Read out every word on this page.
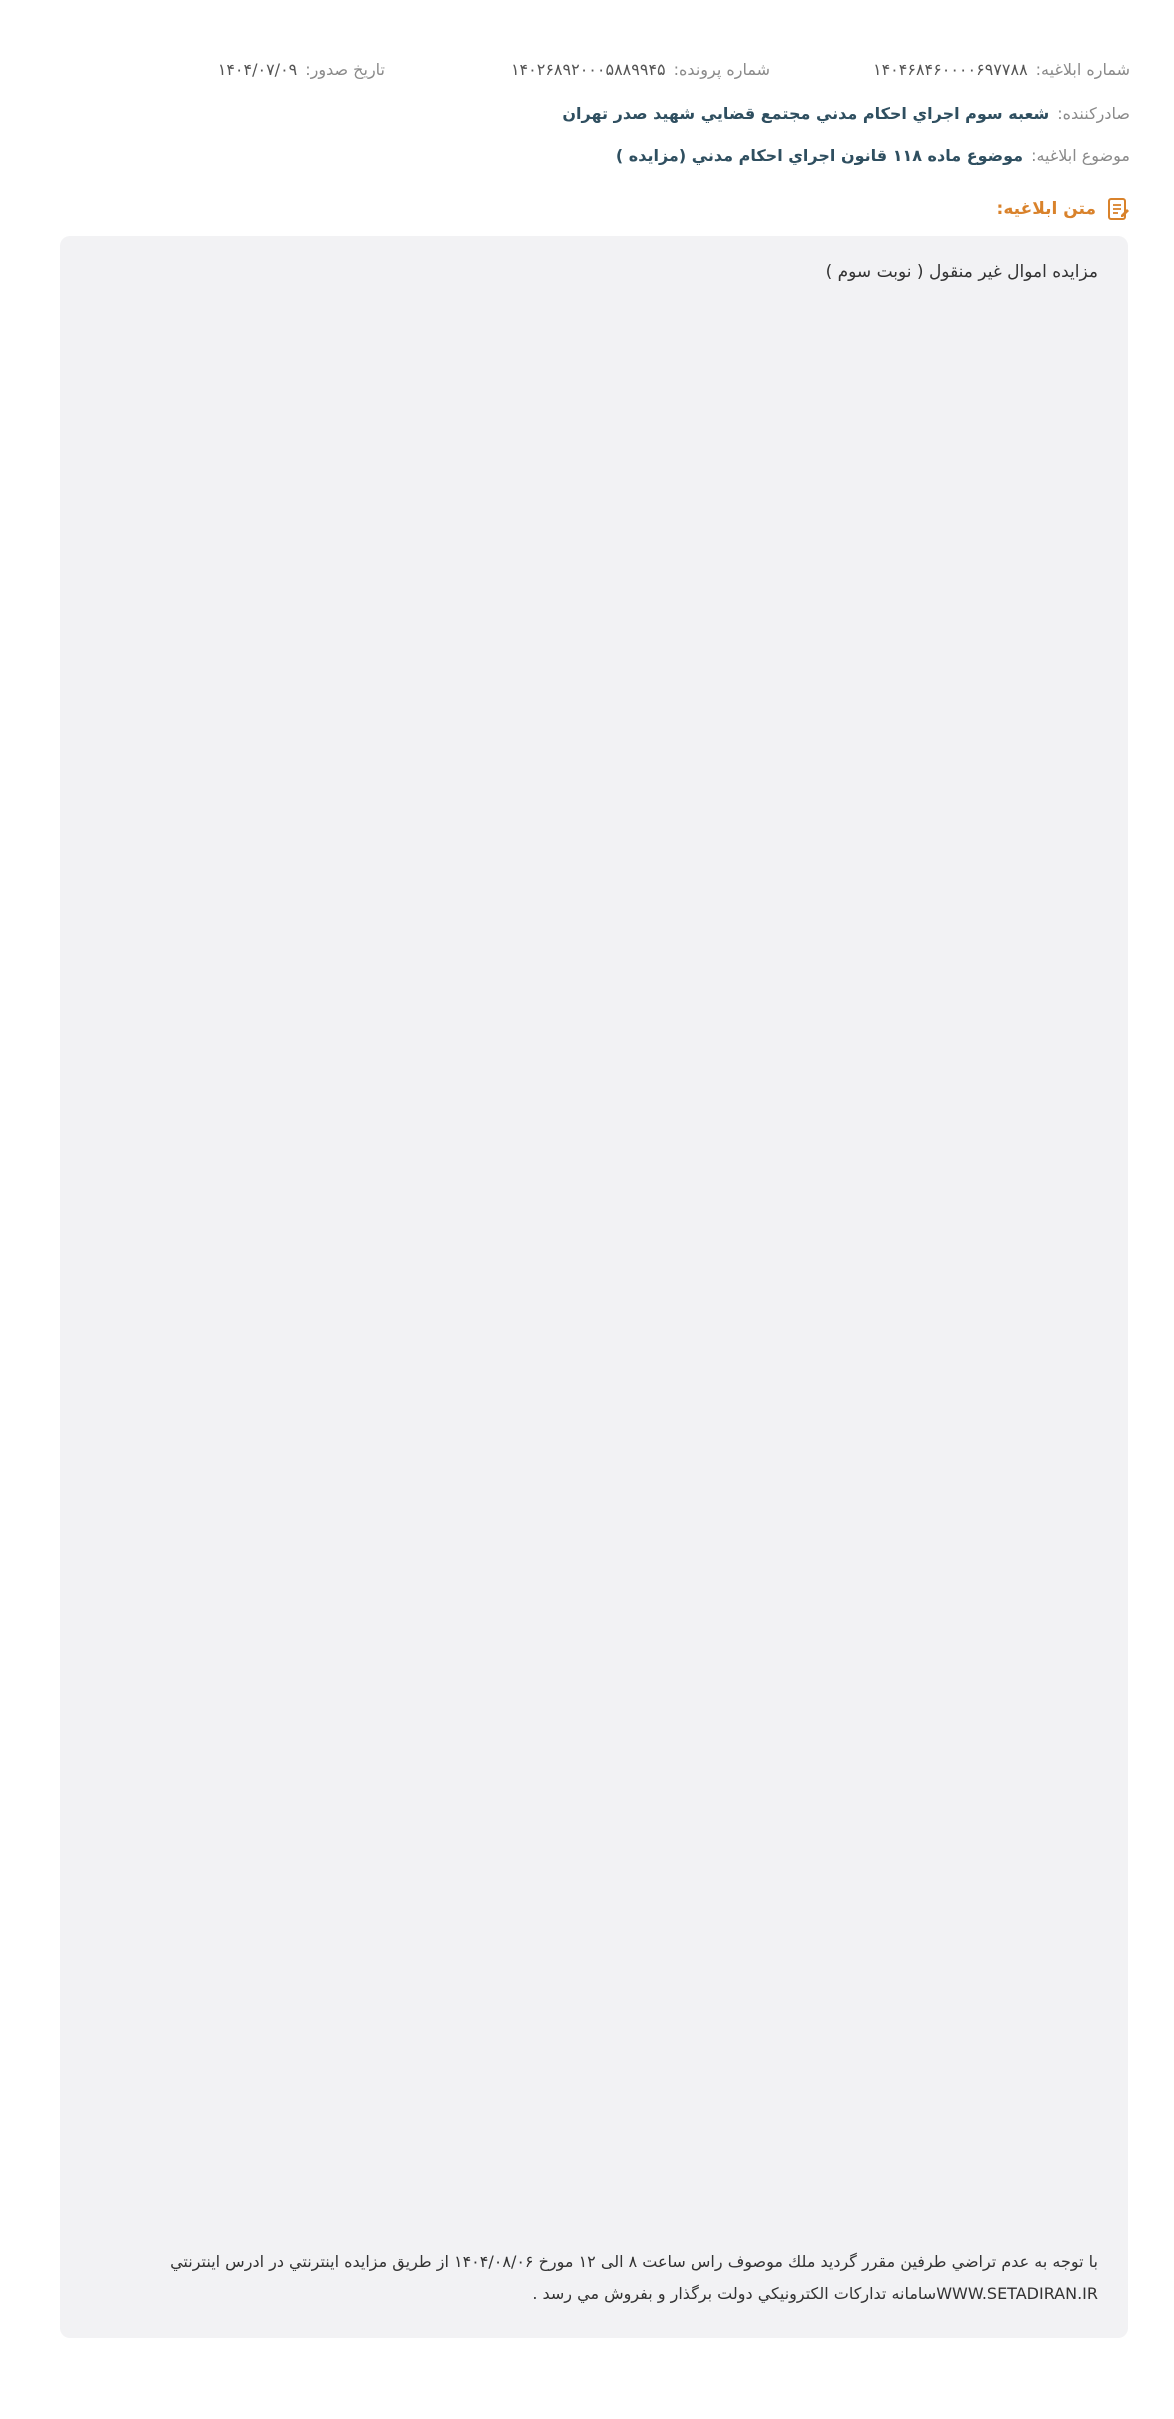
شماره ابلاغیه:
۱۴۰۴۶۸۴۶۰۰۰۰۶۹۷۷۸۸
شماره پرونده:
۱۴۰۲۶۸۹۲۰۰۰۵۸۸۹۹۴۵
تاریخ صدور:
۱۴۰۴/۰۷/۰۹
صادرکننده:
شعبه سوم اجراي احكام مدني مجتمع قضايي شهيد صدر تهران
موضوع ابلاغیه:
موضوع ماده ۱۱۸ قانون اجراي احكام مدني (مزايده )
متن ابلاغیه:
مزایده اموال غیر منقول ( نوبت سوم )
با توجه به عدم تراضي طرفين مقرر گرديد ملك موصوف راس ساعت ۸ الی ۱۲ مورخ ۱۴۰۴/۰۸/۰۶ از طريق مزايده اينترنتي در ادرس اينترنتي
WWW.SETADIRAN.IRسامانه تداركات الكترونيكي دولت برگذار و بفروش مي رسد .
